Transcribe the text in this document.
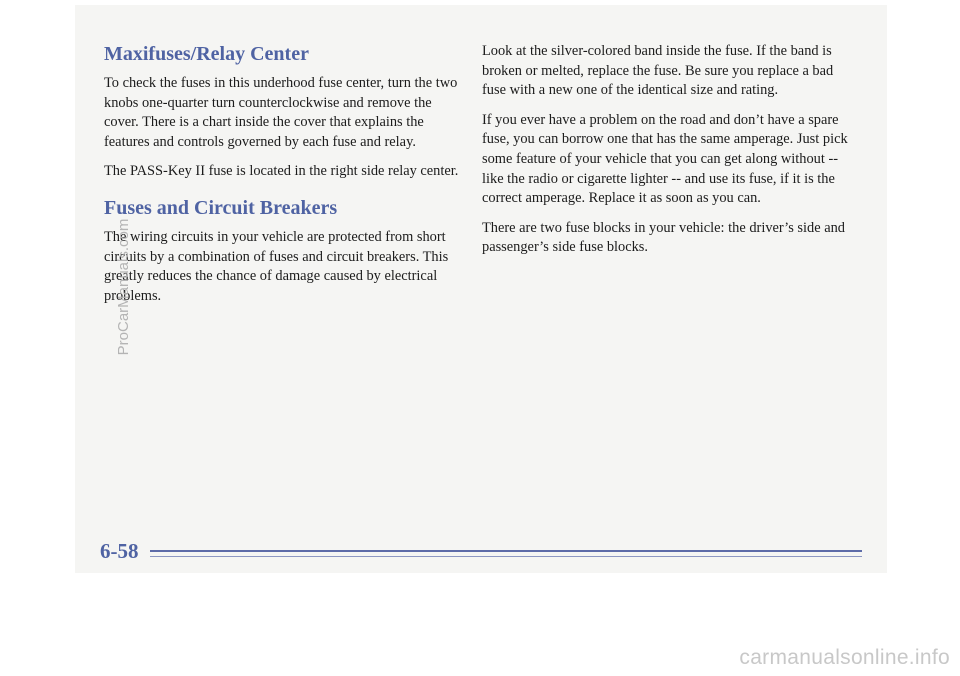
Maxifuses/Relay Center

To check the fuses in this underhood fuse center, turn the two knobs one-quarter turn counterclockwise and remove the cover. There is a chart inside the cover that explains the features and controls governed by each fuse and relay.

The PASS-Key II fuse is located in the right side relay center.

Fuses and Circuit Breakers

The wiring circuits in your vehicle are protected from short circuits by a combination of fuses and circuit breakers. This greatly reduces the chance of damage caused by electrical problems.

Look at the silver-colored band inside the fuse. If the band is broken or melted, replace the fuse. Be sure you replace a bad fuse with a new one of the identical size and rating.

If you ever have a problem on the road and don’t have a spare fuse, you can borrow one that has the same amperage. Just pick some feature of your vehicle that you can get along without -- like the radio or cigarette lighter -- and use its fuse, if it is the correct amperage. Replace it as soon as you can.

There are two fuse blocks in your vehicle: the driver’s side and passenger’s side fuse blocks.

6-58
ProCarManuals.com
carmanualsonline.info
